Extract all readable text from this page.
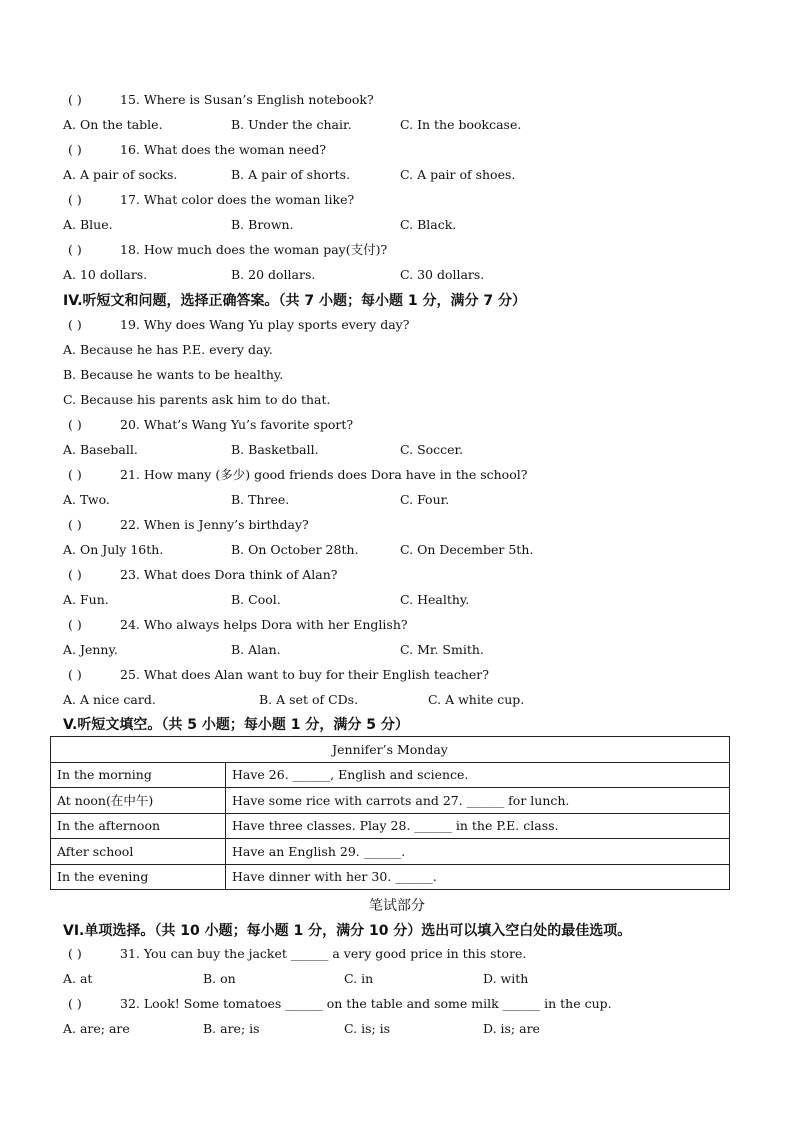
( )	15. Where is Susan’s English notebook?
A. On the table.	B. Under the chair.	C. In the bookcase.
( )	16. What does the woman need?
A. A pair of socks.	B. A pair of shorts.	C. A pair of shoes.
( )	17. What color does the woman like?
A. Blue.	B. Brown.	C. Black.
( )	18. How much does the woman pay(支付)?
A. 10 dollars.	B. 20 dollars.	C. 30 dollars.
IV.听短文和问题，选择正确答案。（共 7 小题；每小题 1 分，满分 7 分）
( )	19. Why does Wang Yu play sports every day?
A. Because he has P.E. every day.
B. Because he wants to be healthy.
C. Because his parents ask him to do that.
( )	20. What’s Wang Yu’s favorite sport?
A. Baseball.	B. Basketball.	C. Soccer.
( )	21. How many (多少) good friends does Dora have in the school?
A. Two.	B. Three.	C. Four.
( )	22. When is Jenny’s birthday?
A. On July 16th.	B. On October 28th.	C. On December 5th.
( )	23. What does Dora think of Alan?
A. Fun.	B. Cool.	C. Healthy.
( )	24. Who always helps Dora with her English?
A. Jenny.	B. Alan.	C. Mr. Smith.
( )	25. What does Alan want to buy for their English teacher?
A. A nice card.	B. A set of CDs.	C. A white cup.
V.听短文填空。（共 5 小题；每小题 1 分，满分 5 分）
Jennifer’s Monday	
In the morning	Have 26. ______, English and science.
At noon(在中午)	Have some rice with carrots and 27. ______ for lunch.
In the afternoon	Have three classes. Play 28. ______ in the P.E. class.
After school	Have an English 29. ______.
In the evening	Have dinner with her 30. ______.
笔试部分
VI.单项选择。（共 10 小题；每小题 1 分，满分 10 分）选出可以填入空白处的最佳选项。
( )	31. You can buy the jacket ______ a very good price in this store.
A. at	B. on	C. in	D. with
( )	32. Look! Some tomatoes ______ on the table and some milk ______ in the cup.
A. are; are	B. are; is	C. is; is	D. is; are
